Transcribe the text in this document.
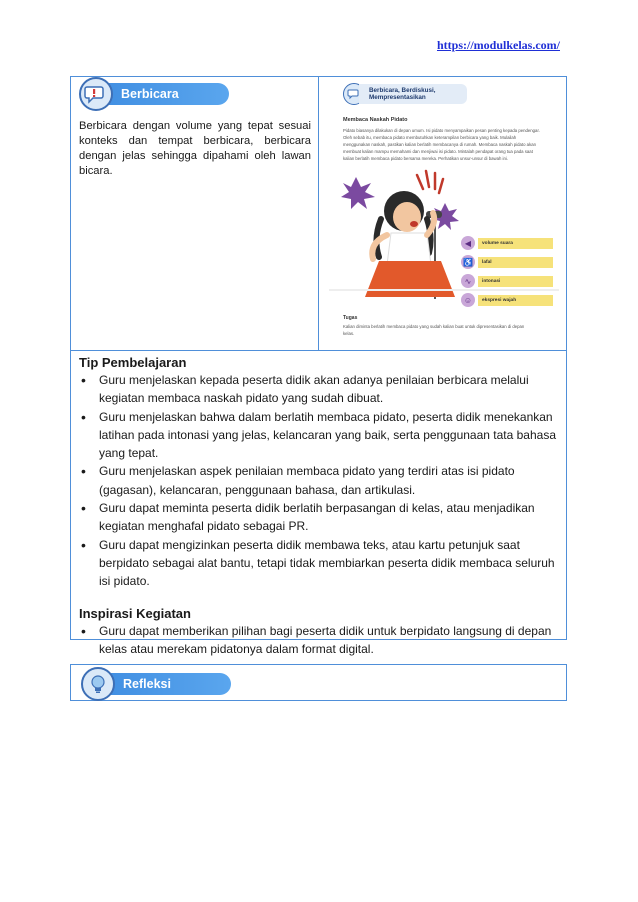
https://modulkelas.com/
Berbicara

Berbicara dengan volume yang tepat sesuai konteks dan tempat berbicara, berbicara dengan jelas sehingga dipahami oleh lawan bicara.

Berbicara, Berdiskusi, Mempresentasikan
Membaca Naskah Pidato

Pidato biasanya dilakukan di depan umum. Isi pidato menyampaikan pesan penting kepada pendengar. Oleh sebab itu, membaca pidato membutuhkan keterampilan berbicara yang baik. Mulailah menggunakan naskah, pastikan kalian berlatih membacanya di rumah. Membaca naskah pidato akan membuat kalian mampu memahami dan menjiwai isi pidato. Mintalah pendapat orang tua pada saat kalian berlatih membaca pidato bersama mereka. Perhatikan unsur-unsur di bawah ini.

◀	volume suara
♿	lafal
∿	intonasi
☺	ekspresi wajah
Tugas

Kalian diminta berlatih membaca pidato yang sudah kalian buat untuk dipresentasikan di depan kelas.

Tip Pembelajaran
• Guru menjelaskan kepada peserta didik akan adanya penilaian berbicara melalui kegiatan membaca naskah pidato yang sudah dibuat.
• Guru menjelaskan bahwa dalam berlatih membaca pidato, peserta didik menekankan latihan pada intonasi yang jelas, kelancaran yang baik, serta penggunaan tata bahasa yang tepat.
• Guru menjelaskan aspek penilaian membaca pidato yang terdiri atas isi pidato (gagasan), kelancaran, penggunaan bahasa, dan artikulasi.
• Guru dapat meminta peserta didik berlatih berpasangan di kelas, atau menjadikan kegiatan menghafal pidato sebagai PR.
• Guru dapat mengizinkan peserta didik membawa teks, atau kartu petunjuk saat berpidato sebagai alat bantu, tetapi tidak membiarkan peserta didik membaca seluruh isi pidato.
Inspirasi Kegiatan
• Guru dapat memberikan pilihan bagi peserta didik untuk berpidato langsung di depan kelas atau merekam pidatonya dalam format digital.
Refleksi
